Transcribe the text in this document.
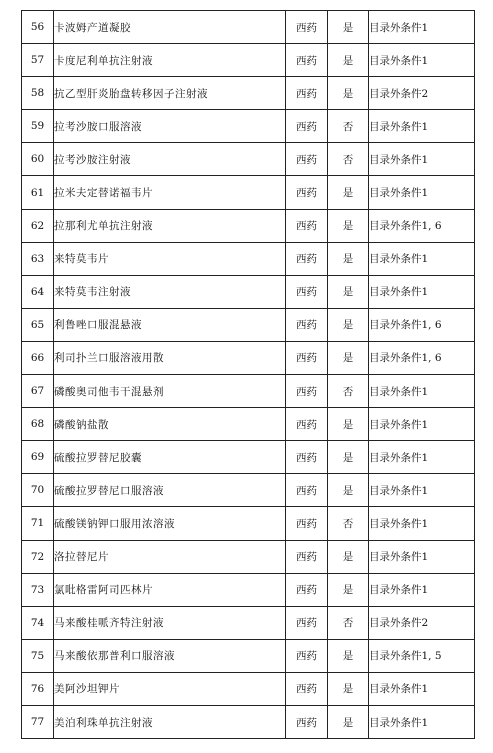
56	卡波姆产道凝胶	西药	是	目录外条件1
57	卡度尼利单抗注射液	西药	是	目录外条件1
58	抗乙型肝炎胎盘转移因子注射液	西药	是	目录外条件2
59	拉考沙胺口服溶液	西药	否	目录外条件1
60	拉考沙胺注射液	西药	否	目录外条件1
61	拉米夫定替诺福韦片	西药	是	目录外条件1
62	拉那利尤单抗注射液	西药	是	目录外条件1, 6
63	来特莫韦片	西药	是	目录外条件1
64	来特莫韦注射液	西药	是	目录外条件1
65	利鲁唑口服混悬液	西药	是	目录外条件1, 6
66	利司扑兰口服溶液用散	西药	是	目录外条件1, 6
67	磷酸奥司他韦干混悬剂	西药	否	目录外条件1
68	磷酸钠盐散	西药	是	目录外条件1
69	硫酸拉罗替尼胶囊	西药	是	目录外条件1
70	硫酸拉罗替尼口服溶液	西药	是	目录外条件1
71	硫酸镁钠钾口服用浓溶液	西药	否	目录外条件1
72	洛拉替尼片	西药	是	目录外条件1
73	氯吡格雷阿司匹林片	西药	是	目录外条件1
74	马来酸桂哌齐特注射液	西药	否	目录外条件2
75	马来酸依那普利口服溶液	西药	是	目录外条件1, 5
76	美阿沙坦钾片	西药	是	目录外条件1
77	美泊利珠单抗注射液	西药	是	目录外条件1
